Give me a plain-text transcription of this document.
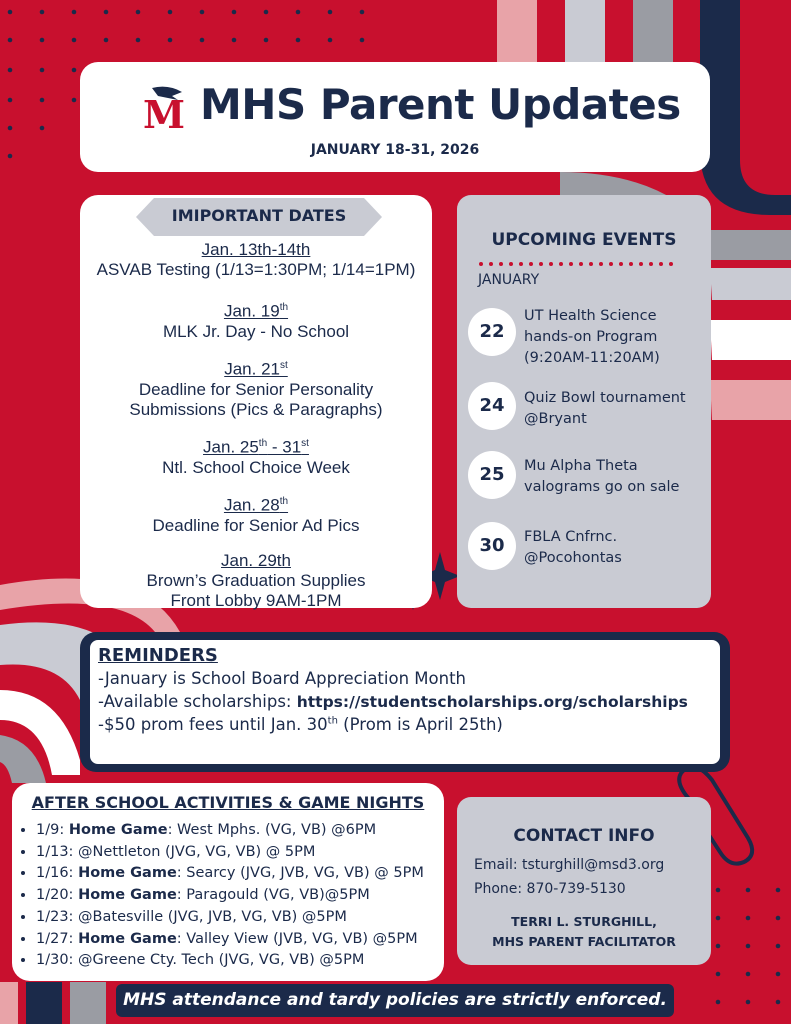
M MHS Parent Updates
JANUARY 18-31, 2026
IMIPORTANT DATES
Jan. 13th-14th
ASVAB Testing (1/13=1:30PM; 1/14=1PM)
Jan. 19th
MLK Jr. Day - No School
Jan. 21st
Deadline for Senior Personality
Submissions (Pics & Paragraphs)
Jan. 25th - 31st
Ntl. School Choice Week
Jan. 28th
Deadline for Senior Ad Pics
Jan. 29th
Brown’s Graduation Supplies
Front Lobby 9AM-1PM
UPCOMING EVENTS
JANUARY
22
UT Health Science
hands-on Program
(9:20AM-11:20AM)
24	Quiz Bowl tournament
@Bryant
25	Mu Alpha Theta
valograms go on sale
30	FBLA Cnfrnc.
@Pocohontas
REMINDERS
-January is School Board Appreciation Month
-Available scholarships: https://studentscholarships.org/scholarships
-$50 prom fees until Jan. 30th (Prom is April 25th)
AFTER SCHOOL ACTIVITIES & GAME NIGHTS
• 1/9: Home Game: West Mphs. (VG, VB) @6PM
• 1/13: @Nettleton (JVG, VG, VB) @ 5PM
• 1/16: Home Game: Searcy (JVG, JVB, VG, VB) @ 5PM
• 1/20: Home Game: Paragould (VG, VB)@5PM
• 1/23: @Batesville (JVG, JVB, VG, VB) @5PM
• 1/27: Home Game: Valley View (JVB, VG, VB) @5PM
• 1/30: @Greene Cty. Tech (JVG, VG, VB) @5PM
CONTACT INFO
Email: tsturghill@msd3.org
Phone: 870-739-5130
TERRI L. STURGHILL,
MHS PARENT FACILITATOR
MHS attendance and tardy policies are strictly enforced.
